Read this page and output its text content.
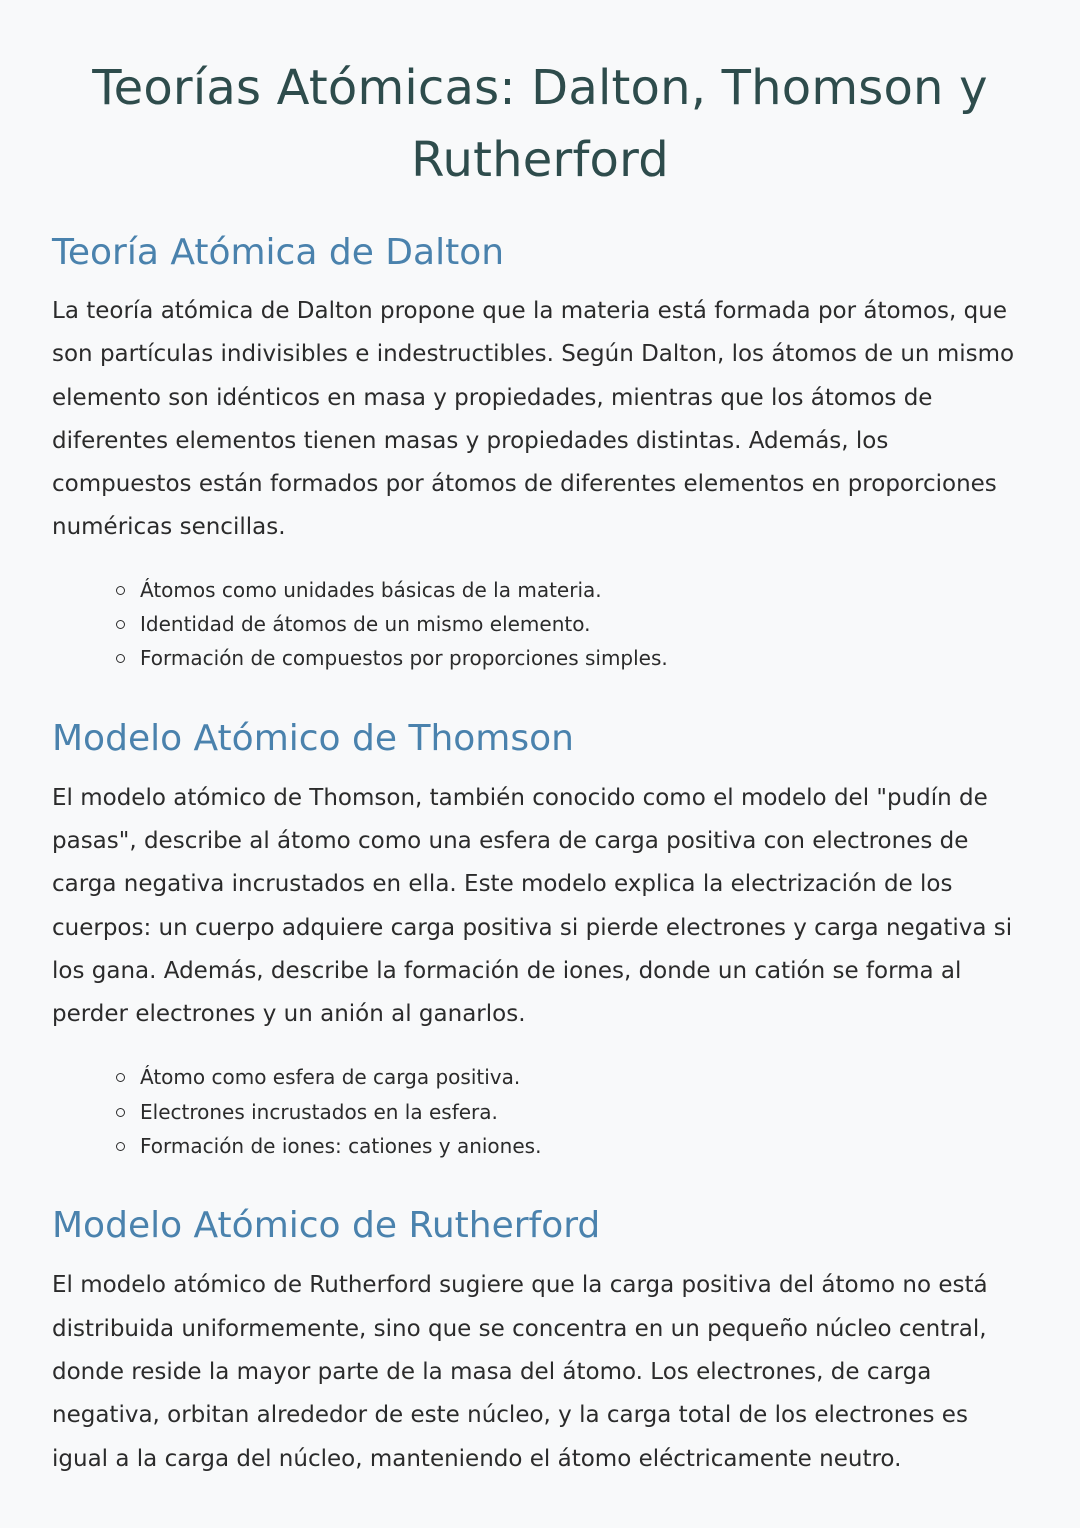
Teorías Atómicas: Dalton, Thomson y Rutherford
Teoría Atómica de Dalton

La teoría atómica de Dalton propone que la materia está formada por átomos, que son partículas indivisibles e indestructibles. Según Dalton, los átomos de un mismo elemento son idénticos en masa y propiedades, mientras que los átomos de diferentes elementos tienen masas y propiedades distintas. Además, los compuestos están formados por átomos de diferentes elementos en proporciones numéricas sencillas.

Átomos como unidades básicas de la materia.
Identidad de átomos de un mismo elemento.
Formación de compuestos por proporciones simples.
Modelo Atómico de Thomson

El modelo atómico de Thomson, también conocido como el modelo del "pudín de pasas", describe al átomo como una esfera de carga positiva con electrones de carga negativa incrustados en ella. Este modelo explica la electrización de los cuerpos: un cuerpo adquiere carga positiva si pierde electrones y carga negativa si los gana. Además, describe la formación de iones, donde un catión se forma al perder electrones y un anión al ganarlos.

Átomo como esfera de carga positiva.
Electrones incrustados en la esfera.
Formación de iones: cationes y aniones.
Modelo Atómico de Rutherford

El modelo atómico de Rutherford sugiere que la carga positiva del átomo no está distribuida uniformemente, sino que se concentra en un pequeño núcleo central, donde reside la mayor parte de la masa del átomo. Los electrones, de carga negativa, orbitan alrededor de este núcleo, y la carga total de los electrones es igual a la carga del núcleo, manteniendo el átomo eléctricamente neutro.
